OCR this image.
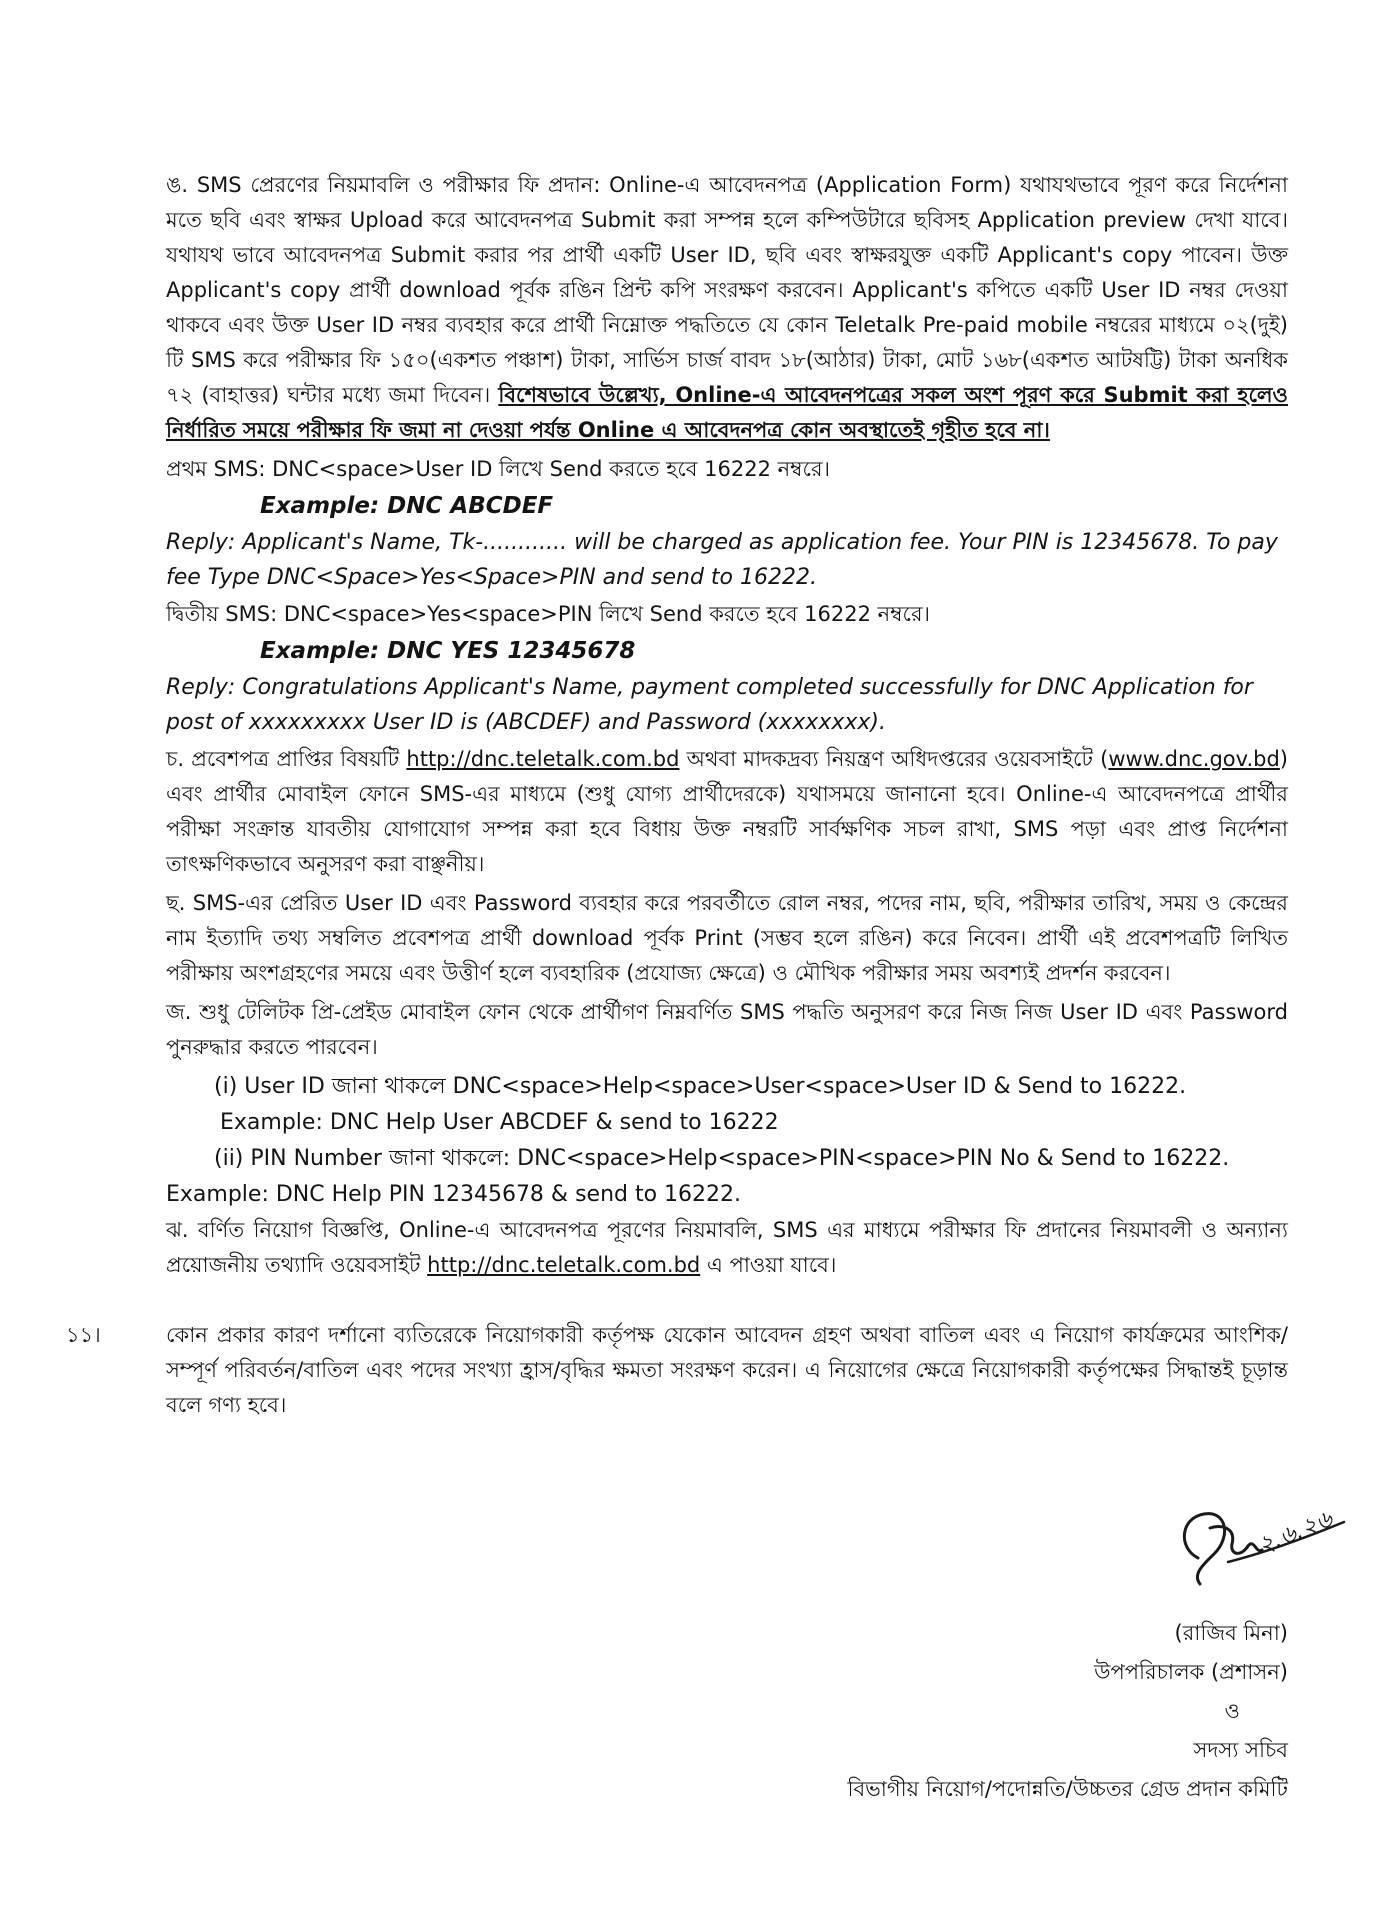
ঙ. SMS প্রেরণের নিয়মাবলি ও পরীক্ষার ফি প্রদান: Online-এ আবেদনপত্র (Application Form) যথাযথভাবে পূরণ করে নির্দেশনা মতে ছবি এবং স্বাক্ষর Upload করে আবেদনপত্র Submit করা সম্পন্ন হলে কম্পিউটারে ছবিসহ Application preview দেখা যাবে। যথাযথ ভাবে আবেদনপত্র Submit করার পর প্রার্থী একটি User ID, ছবি এবং স্বাক্ষরযুক্ত একটি Applicant's copy পাবেন। উক্ত Applicant's copy প্রার্থী download পূর্বক রঙিন প্রিন্ট কপি সংরক্ষণ করবেন। Applicant's কপিতে একটি User ID নম্বর দেওয়া থাকবে এবং উক্ত User ID নম্বর ব্যবহার করে প্রার্থী নিম্নোক্ত পদ্ধতিতে যে কোন Teletalk Pre-paid mobile নম্বরের মাধ্যমে ০২(দুই) টি SMS করে পরীক্ষার ফি ১৫০(একশত পঞ্চাশ) টাকা, সার্ভিস চার্জ বাবদ ১৮(আঠার) টাকা, মোট ১৬৮(একশত আটষট্টি) টাকা অনধিক ৭২ (বাহাত্তর) ঘন্টার মধ্যে জমা দিবেন। বিশেষভাবে উল্লেখ্য, Online-এ আবেদনপত্রের সকল অংশ পূরণ করে Submit করা হলেও নির্ধারিত সময়ে পরীক্ষার ফি জমা না দেওয়া পর্যন্ত Online এ আবেদনপত্র কোন অবস্থাতেই গৃহীত হবে না।

প্রথম SMS: DNC<space>User ID লিখে Send করতে হবে 16222 নম্বরে।

Example: DNC ABCDEF

Reply: Applicant's Name, Tk-............ will be charged as application fee. Your PIN is 12345678. To pay fee Type DNC<Space>Yes<Space>PIN and send to 16222.

দ্বিতীয় SMS: DNC<space>Yes<space>PIN লিখে Send করতে হবে 16222 নম্বরে।

Example: DNC YES 12345678

Reply: Congratulations Applicant's Name, payment completed successfully for DNC Application for post of xxxxxxxxx User ID is (ABCDEF) and Password (xxxxxxxx).

চ. প্রবেশপত্র প্রাপ্তির বিষয়টি http://dnc.teletalk.com.bd অথবা মাদকদ্রব্য নিয়ন্ত্রণ অধিদপ্তরের ওয়েবসাইটে (www.dnc.gov.bd) এবং প্রার্থীর মোবাইল ফোনে SMS-এর মাধ্যমে (শুধু যোগ্য প্রার্থীদেরকে) যথাসময়ে জানানো হবে। Online-এ আবেদনপত্রে প্রার্থীর পরীক্ষা সংক্রান্ত যাবতীয় যোগাযোগ সম্পন্ন করা হবে বিধায় উক্ত নম্বরটি সার্বক্ষণিক সচল রাখা, SMS পড়া এবং প্রাপ্ত নির্দেশনা তাৎক্ষণিকভাবে অনুসরণ করা বাঞ্ছনীয়।

ছ. SMS-এর প্রেরিত User ID এবং Password ব্যবহার করে পরবর্তীতে রোল নম্বর, পদের নাম, ছবি, পরীক্ষার তারিখ, সময় ও কেন্দ্রের নাম ইত্যাদি তথ্য সম্বলিত প্রবেশপত্র প্রার্থী download পূর্বক Print (সম্ভব হলে রঙিন) করে নিবেন। প্রার্থী এই প্রবেশপত্রটি লিখিত পরীক্ষায় অংশগ্রহণের সময়ে এবং উত্তীর্ণ হলে ব্যবহারিক (প্রযোজ্য ক্ষেত্রে) ও মৌখিক পরীক্ষার সময় অবশ্যই প্রদর্শন করবেন।

জ. শুধু টেলিটক প্রি-প্রেইড মোবাইল ফোন থেকে প্রার্থীগণ নিম্নবর্ণিত SMS পদ্ধতি অনুসরণ করে নিজ নিজ User ID এবং Password পুনরুদ্ধার করতে পারবেন।

(i) User ID জানা থাকলে DNC<space>Help<space>User<space>User ID & Send to 16222.

Example: DNC Help User ABCDEF & send to 16222

(ii) PIN Number জানা থাকলে: DNC<space>Help<space>PIN<space>PIN No & Send to 16222.

Example: DNC Help PIN 12345678 & send to 16222.

ঝ. বর্ণিত নিয়োগ বিজ্ঞপ্তি, Online-এ আবেদনপত্র পূরণের নিয়মাবলি, SMS এর মাধ্যমে পরীক্ষার ফি প্রদানের নিয়মাবলী ও অন্যান্য প্রয়োজনীয় তথ্যাদি ওয়েবসাইট http://dnc.teletalk.com.bd এ পাওয়া যাবে।

১১।	কোন প্রকার কারণ দর্শানো ব্যতিরেকে নিয়োগকারী কর্তৃপক্ষ যেকোন আবেদন গ্রহণ অথবা বাতিল এবং এ নিয়োগ কার্যক্রমের আংশিক/সম্পূর্ণ পরিবর্তন/বাতিল এবং পদের সংখ্যা হ্রাস/বৃদ্ধির ক্ষমতা সংরক্ষণ করেন। এ নিয়োগের ক্ষেত্রে নিয়োগকারী কর্তৃপক্ষের সিদ্ধান্তই চূড়ান্ত বলে গণ্য হবে।
২.৬.২৬
(রাজিব মিনা)
উপপরিচালক (প্রশাসন)
ও
সদস্য সচিব
বিভাগীয় নিয়োগ/পদোন্নতি/উচ্চতর গ্রেড প্রদান কমিটি
